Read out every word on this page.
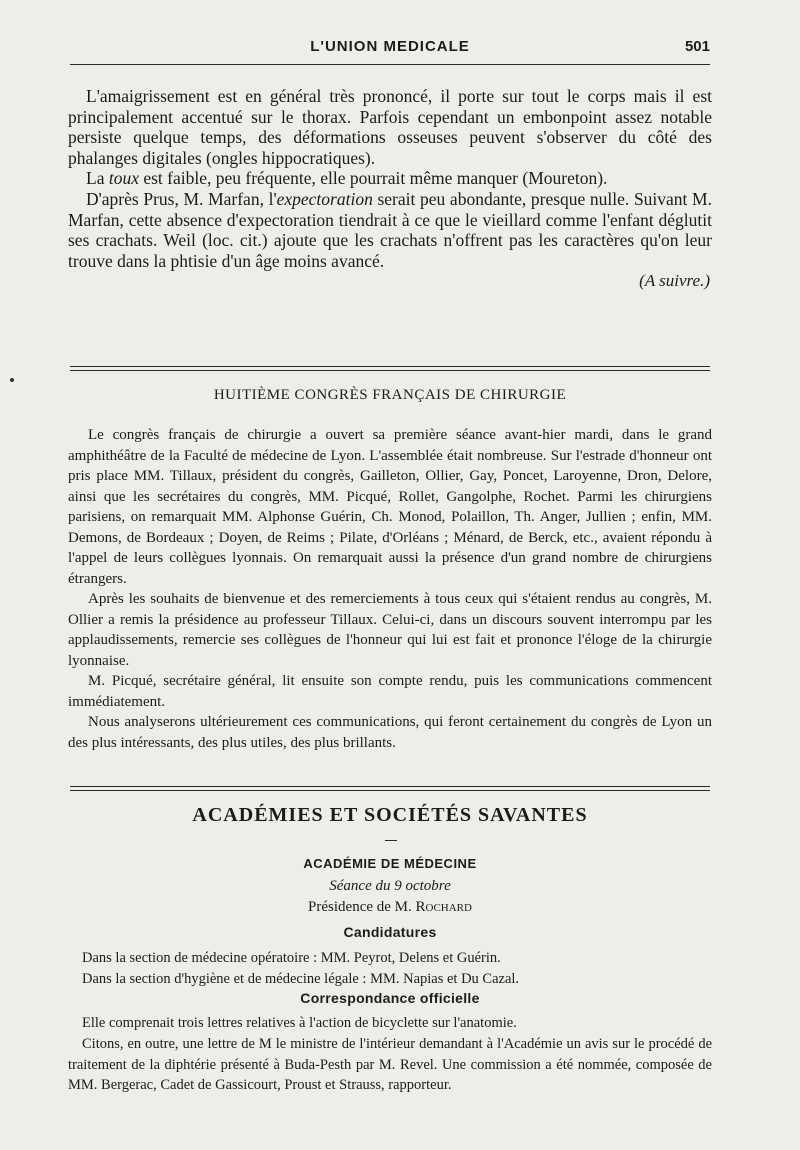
L'UNION MEDICALE	501

L'amaigrissement est en général très prononcé, il porte sur tout le corps mais il est principalement accentué sur le thorax. Parfois cependant un embonpoint assez notable persiste quelque temps, des déformations osseuses peuvent s'observer du côté des phalanges digitales (ongles hippocratiques).

La toux est faible, peu fréquente, elle pourrait même manquer (Moureton).

D'après Prus, M. Marfan, l'expectoration serait peu abondante, presque nulle. Suivant M. Marfan, cette absence d'expectoration tiendrait à ce que le vieillard comme l'enfant déglutit ses crachats. Weil (loc. cit.) ajoute que les crachats n'offrent pas les caractères qu'on leur trouve dans la phtisie d'un âge moins avancé.

(A suivre.)

HUITIÈME CONGRÈS FRANÇAIS DE CHIRURGIE

Le congrès français de chirurgie a ouvert sa première séance avant-hier mardi, dans le grand amphithéâtre de la Faculté de médecine de Lyon. L'assemblée était nombreuse. Sur l'estrade d'honneur ont pris place MM. Tillaux, président du congrès, Gailleton, Ollier, Gay, Poncet, Laroyenne, Dron, Delore, ainsi que les secrétaires du congrès, MM. Picqué, Rollet, Gangolphe, Rochet. Parmi les chirurgiens parisiens, on remarquait MM. Alphonse Guérin, Ch. Monod, Polaillon, Th. Anger, Jullien ; enfin, MM. Demons, de Bordeaux ; Doyen, de Reims ; Pilate, d'Orléans ; Ménard, de Berck, etc., avaient répondu à l'appel de leurs collègues lyonnais. On remarquait aussi la présence d'un grand nombre de chirurgiens étrangers.

Après les souhaits de bienvenue et des remerciements à tous ceux qui s'étaient rendus au congrès, M. Ollier a remis la présidence au professeur Tillaux. Celui-ci, dans un discours souvent interrompu par les applaudissements, remercie ses collègues de l'honneur qui lui est fait et prononce l'éloge de la chirurgie lyonnaise.

M. Picqué, secrétaire général, lit ensuite son compte rendu, puis les communications commencent immédiatement.

Nous analyserons ultérieurement ces communications, qui feront certainement du congrès de Lyon un des plus intéressants, des plus utiles, des plus brillants.

ACADÉMIES ET SOCIÉTÉS SAVANTES
ACADÉMIE DE MÉDECINE
Séance du 9 octobre
Présidence de M. Rochard
Candidatures

Dans la section de médecine opératoire : MM. Peyrot, Delens et Guérin.

Dans la section d'hygiène et de médecine légale : MM. Napias et Du Cazal.

Correspondance officielle

Elle comprenait trois lettres relatives à l'action de bicyclette sur l'anatomie.

Citons, en outre, une lettre de M le ministre de l'intérieur demandant à l'Académie un avis sur le procédé de traitement de la diphtérie présenté à Buda-Pesth par M. Revel. Une commission a été nommée, composée de MM. Bergerac, Cadet de Gassicourt, Proust et Strauss, rapporteur.
